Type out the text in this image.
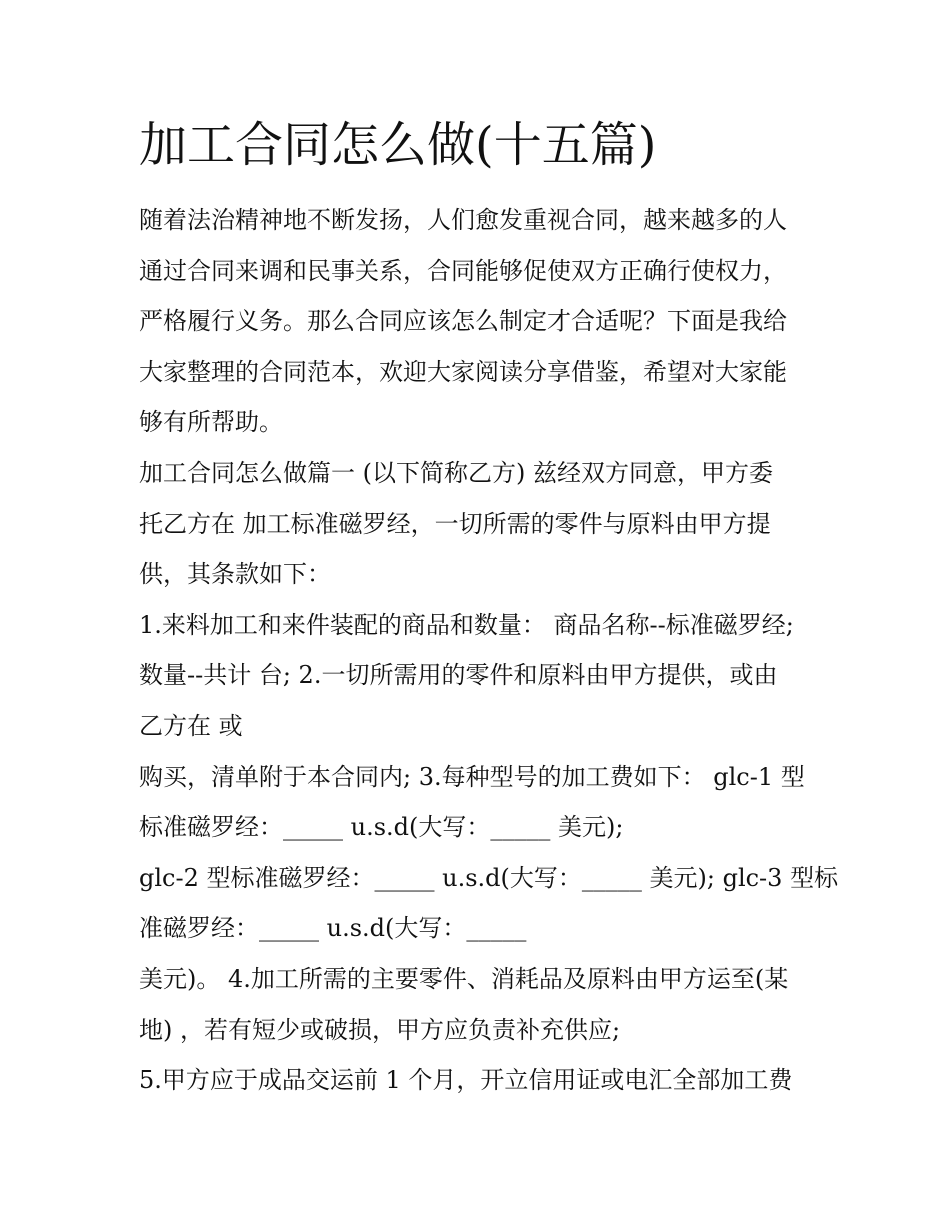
加工合同怎么做(十五篇)
随着法治精神地不断发扬，人们愈发重视合同，越来越多的人
通过合同来调和民事关系，合同能够促使双方正确行使权力，
严格履行义务。那么合同应该怎么制定才合适呢？下面是我给
大家整理的合同范本，欢迎大家阅读分享借鉴，希望对大家能
够有所帮助。
加工合同怎么做篇一 (以下简称乙方) 兹经双方同意，甲方委
托乙方在 加工标准磁罗经，一切所需的零件与原料由甲方提
供，其条款如下：
1.来料加工和来件装配的商品和数量： 商品名称--标准磁罗经;
数量--共计 台; 2.一切所需用的零件和原料由甲方提供，或由
乙方在 或
购买，清单附于本合同内; 3.每种型号的加工费如下： glc-1 型
标准磁罗经：_____ u.s.d(大写：_____ 美元);
glc-2 型标准磁罗经：_____ u.s.d(大写：_____ 美元); glc-3 型标
准磁罗经：_____ u.s.d(大写：_____
美元)。 4.加工所需的主要零件、消耗品及原料由甲方运至(某
地) ，若有短少或破损，甲方应负责补充供应;
5.甲方应于成品交运前 1 个月，开立信用证或电汇全部加工费
